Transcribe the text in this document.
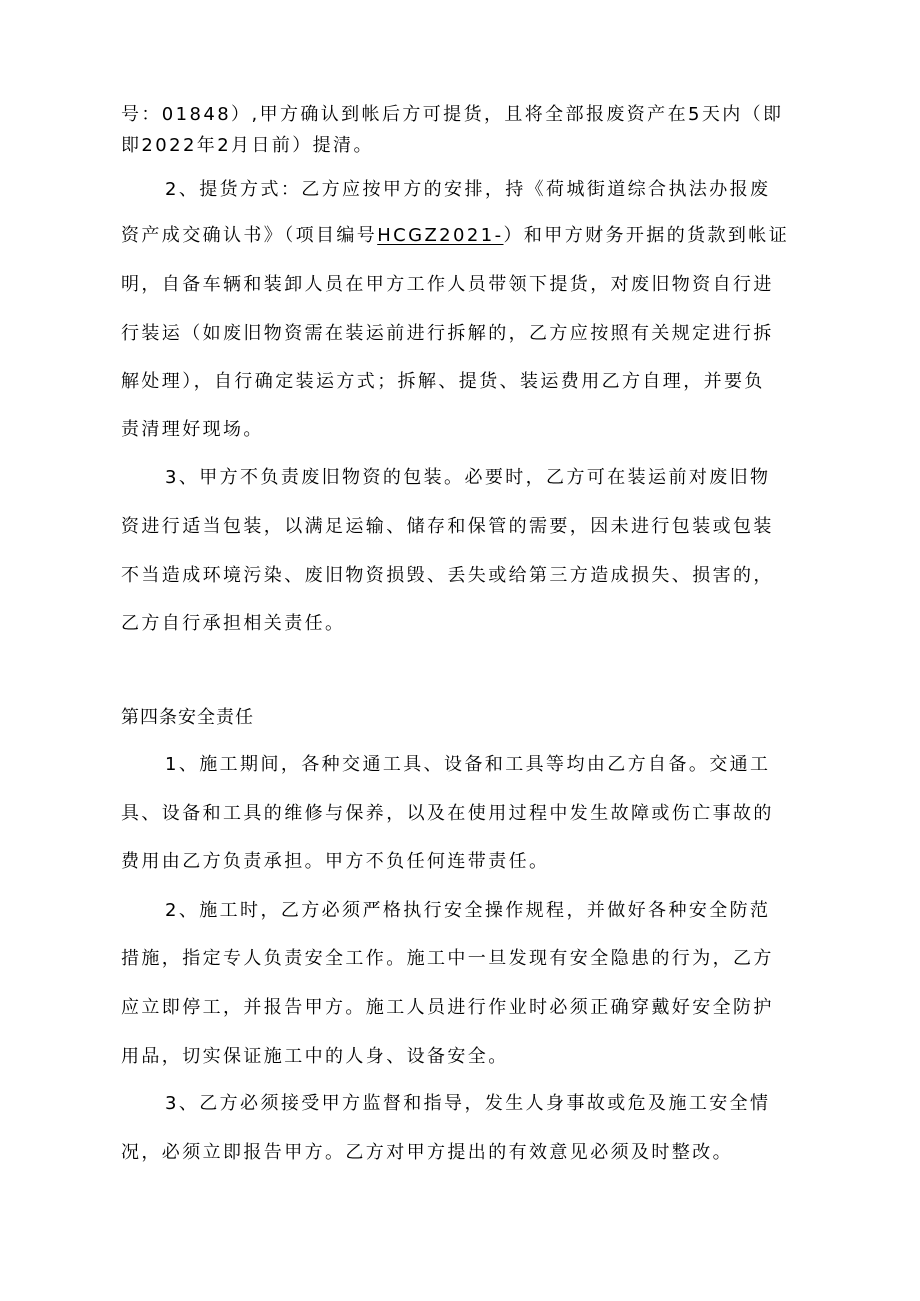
号：01848）,甲方确认到帐后方可提货，且将全部报废资产在5天内（即
即2022年2月日前）提清。
2、提货方式：乙方应按甲方的安排，持《荷城街道综合执法办报废
资产成交确认书》（项目编号HCGZ2021-）和甲方财务开据的货款到帐证
明，自备车辆和装卸人员在甲方工作人员带领下提货，对废旧物资自行进
行装运（如废旧物资需在装运前进行拆解的，乙方应按照有关规定进行拆
解处理），自行确定装运方式；拆解、提货、装运费用乙方自理，并要负
责清理好现场。
3、甲方不负责废旧物资的包装。必要时，乙方可在装运前对废旧物
资进行适当包装，以满足运输、储存和保管的需要，因未进行包装或包装
不当造成环境污染、废旧物资损毁、丢失或给第三方造成损失、损害的，
乙方自行承担相关责任。
第四条安全责任
1、施工期间，各种交通工具、设备和工具等均由乙方自备。交通工
具、设备和工具的维修与保养，以及在使用过程中发生故障或伤亡事故的
费用由乙方负责承担。甲方不负任何连带责任。
2、施工时，乙方必须严格执行安全操作规程，并做好各种安全防范
措施，指定专人负责安全工作。施工中一旦发现有安全隐患的行为，乙方
应立即停工，并报告甲方。施工人员进行作业时必须正确穿戴好安全防护
用品，切实保证施工中的人身、设备安全。
3、乙方必须接受甲方监督和指导，发生人身事故或危及施工安全情
况，必须立即报告甲方。乙方对甲方提出的有效意见必须及时整改。
